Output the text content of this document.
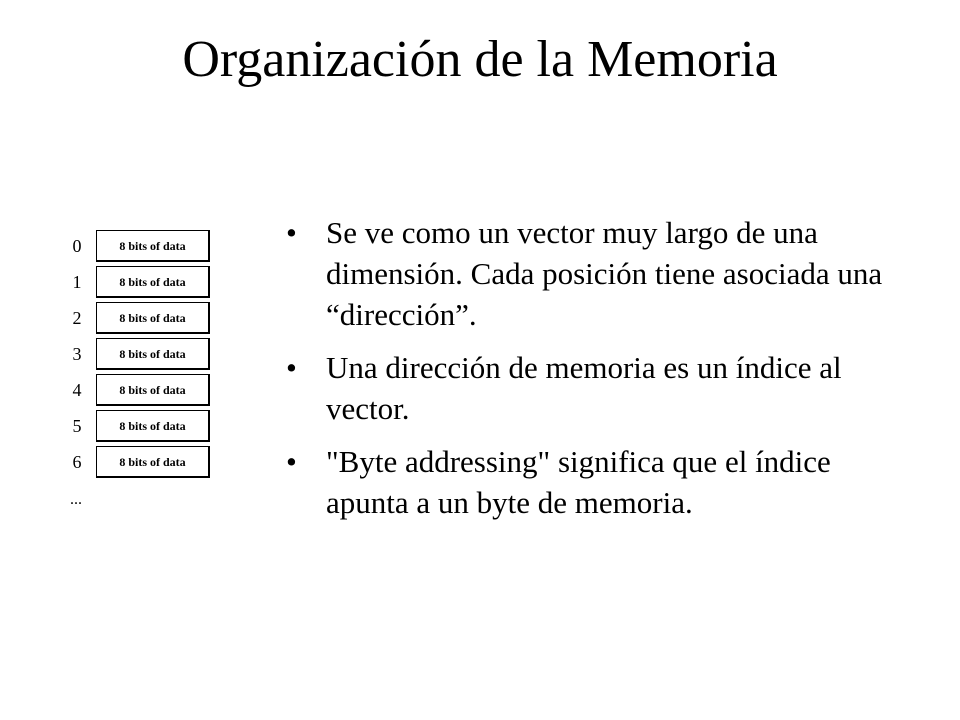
Organización de la Memoria
0	8 bits of data
1	8 bits of data
2	8 bits of data
3	8 bits of data
4	8 bits of data
5	8 bits of data
6	8 bits of data
...
• Se ve como un vector muy largo de una dimensión. Cada posición tiene asociada una “dirección”.
• Una dirección de memoria es un índice al vector.
• "Byte addressing" significa que el índice apunta a un byte de memoria.
